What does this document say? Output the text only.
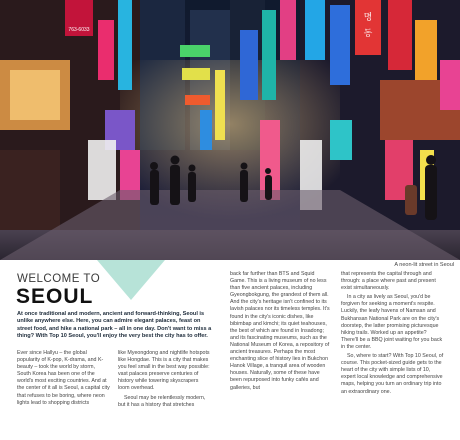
763-6033
명
동
A neon-lit street in Seoul
WELCOME TO
SEOUL

At once traditional and modern, ancient and forward-thinking, Seoul is unlike anywhere else. Here, you can admire elegant palaces, feast on street food, and hike a national park – all in one day. Don't want to miss a thing? With Top 10 Seoul, you'll enjoy the very best the city has to offer.

Ever since Hallyu – the global popularity of K-pop, K-drama, and K-beauty – took the world by storm, South Korea has been one of the world's most exciting countries. And at the center of it all is Seoul, a capital city that refuses to be boring, where neon lights lead to shopping districts

like Myeongdong and nightlife hotspots like Hongdae. This is a city that makes you feel small in the best way possible: vast palaces preserve centuries of history while towering skyscrapers loom overhead.

Seoul may be relentlessly modern, but it has a history that stretches

back far further than BTS and Squid Game. This is a living museum of no less than five ancient palaces, including Gyeongbokgung, the grandest of them all. And the city's heritage isn't confined to its lavish palaces nor its timeless temples. It's found in the city's iconic dishes, like bibimbap and kimchi; its quiet teahouses, the best of which are found in Insadong; and its fascinating museums, such as the National Museum of Korea, a repository of ancient treasures. Perhaps the most enchanting slice of history lies in Bukchon Hanok Village, a tranquil area of wooden houses. Naturally, some of these have been repurposed into funky cafés and galleries, but

that represents the capital through and through: a place where past and present exist simultaneously.

In a city as lively as Seoul, you'd be forgiven for seeking a moment's respite. Luckily, the leafy havens of Namsan and Bukhansan National Park are on the city's doorstep, the latter promising picturesque hiking trails. Worked up an appetite? There'll be a BBQ joint waiting for you back in the center.

So, where to start? With Top 10 Seoul, of course. This pocket-sized guide gets to the heart of the city with simple lists of 10, expert local knowledge and comprehensive maps, helping you turn an ordinary trip into an extraordinary one.
